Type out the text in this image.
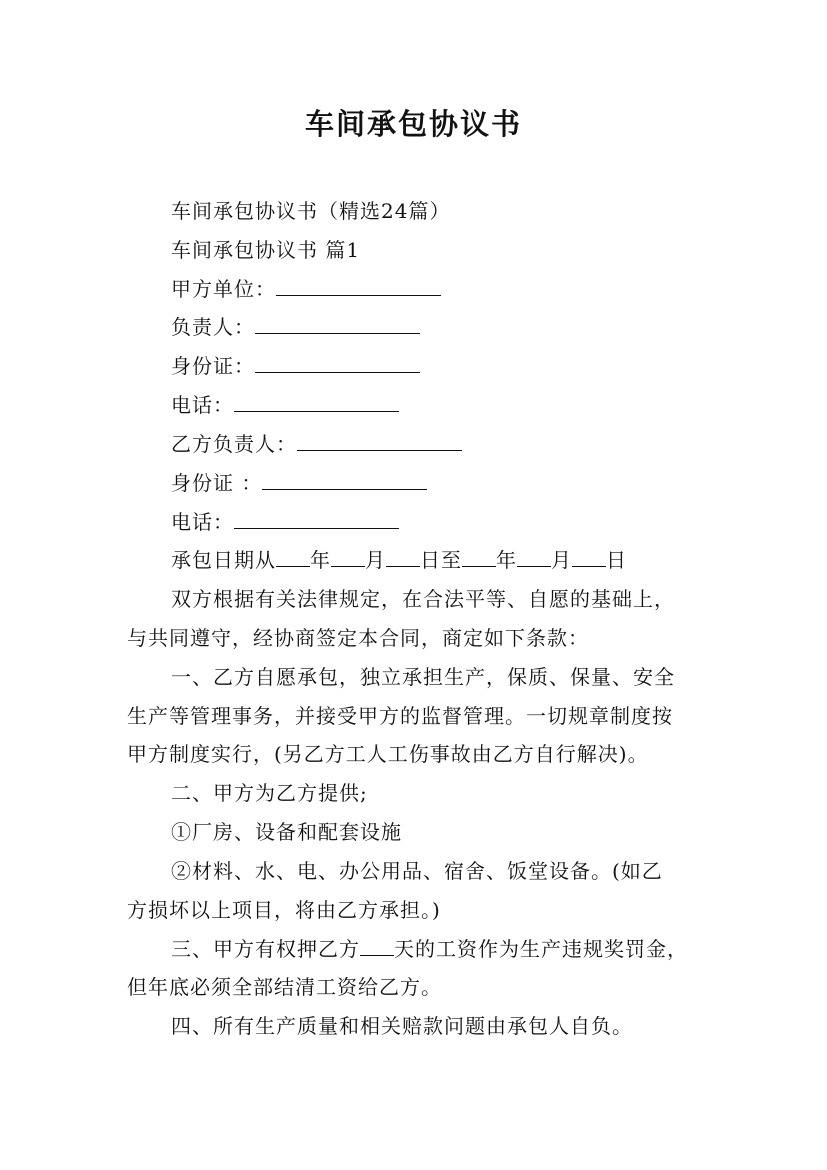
车间承包协议书
车间承包协议书（精选24篇）
车间承包协议书 篇1
甲方单位：
负责人：
身份证：
电话：
乙方负责人：
身份证 ：
电话：
承包日期从 年 月 日至 年 月 日
双方根据有关法律规定，在合法平等、自愿的基础上，
与共同遵守，经协商签定本合同，商定如下条款：
一、乙方自愿承包，独立承担生产，保质、保量、安全
生产等管理事务，并接受甲方的监督管理。一切规章制度按
甲方制度实行，(另乙方工人工伤事故由乙方自行解决)。
二、甲方为乙方提供;
①厂房、设备和配套设施
②材料、水、电、办公用品、宿舍、饭堂设备。(如乙
方损坏以上项目，将由乙方承担。)
三、甲方有权押乙方 天的工资作为生产违规奖罚金，
但年底必须全部结清工资给乙方。
四、所有生产质量和相关赔款问题由承包人自负。
